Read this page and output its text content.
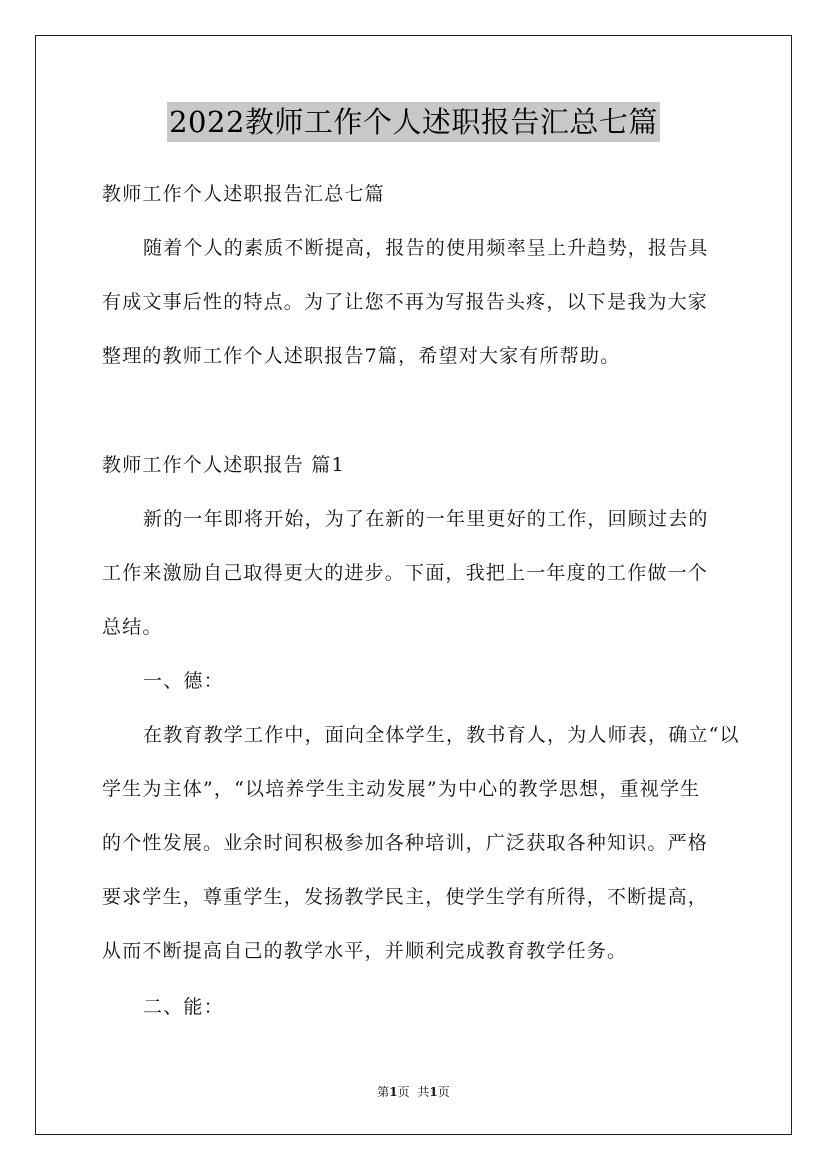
2022教师工作个人述职报告汇总七篇
教师工作个人述职报告汇总七篇
随着个人的素质不断提高，报告的使用频率呈上升趋势，报告具
有成文事后性的特点。为了让您不再为写报告头疼，以下是我为大家
整理的教师工作个人述职报告7篇，希望对大家有所帮助。
教师工作个人述职报告 篇1
新的一年即将开始，为了在新的一年里更好的工作，回顾过去的
工作来激励自己取得更大的进步。下面，我把上一年度的工作做一个
总结。
一、德：
在教育教学工作中，面向全体学生，教书育人，为人师表，确立“以
学生为主体”，“以培养学生主动发展”为中心的教学思想，重视学生
的个性发展。业余时间积极参加各种培训，广泛获取各种知识。严格
要求学生，尊重学生，发扬教学民主，使学生学有所得，不断提高，
从而不断提高自己的教学水平，并顺利完成教育教学任务。
二、能：
第1页 共1页
